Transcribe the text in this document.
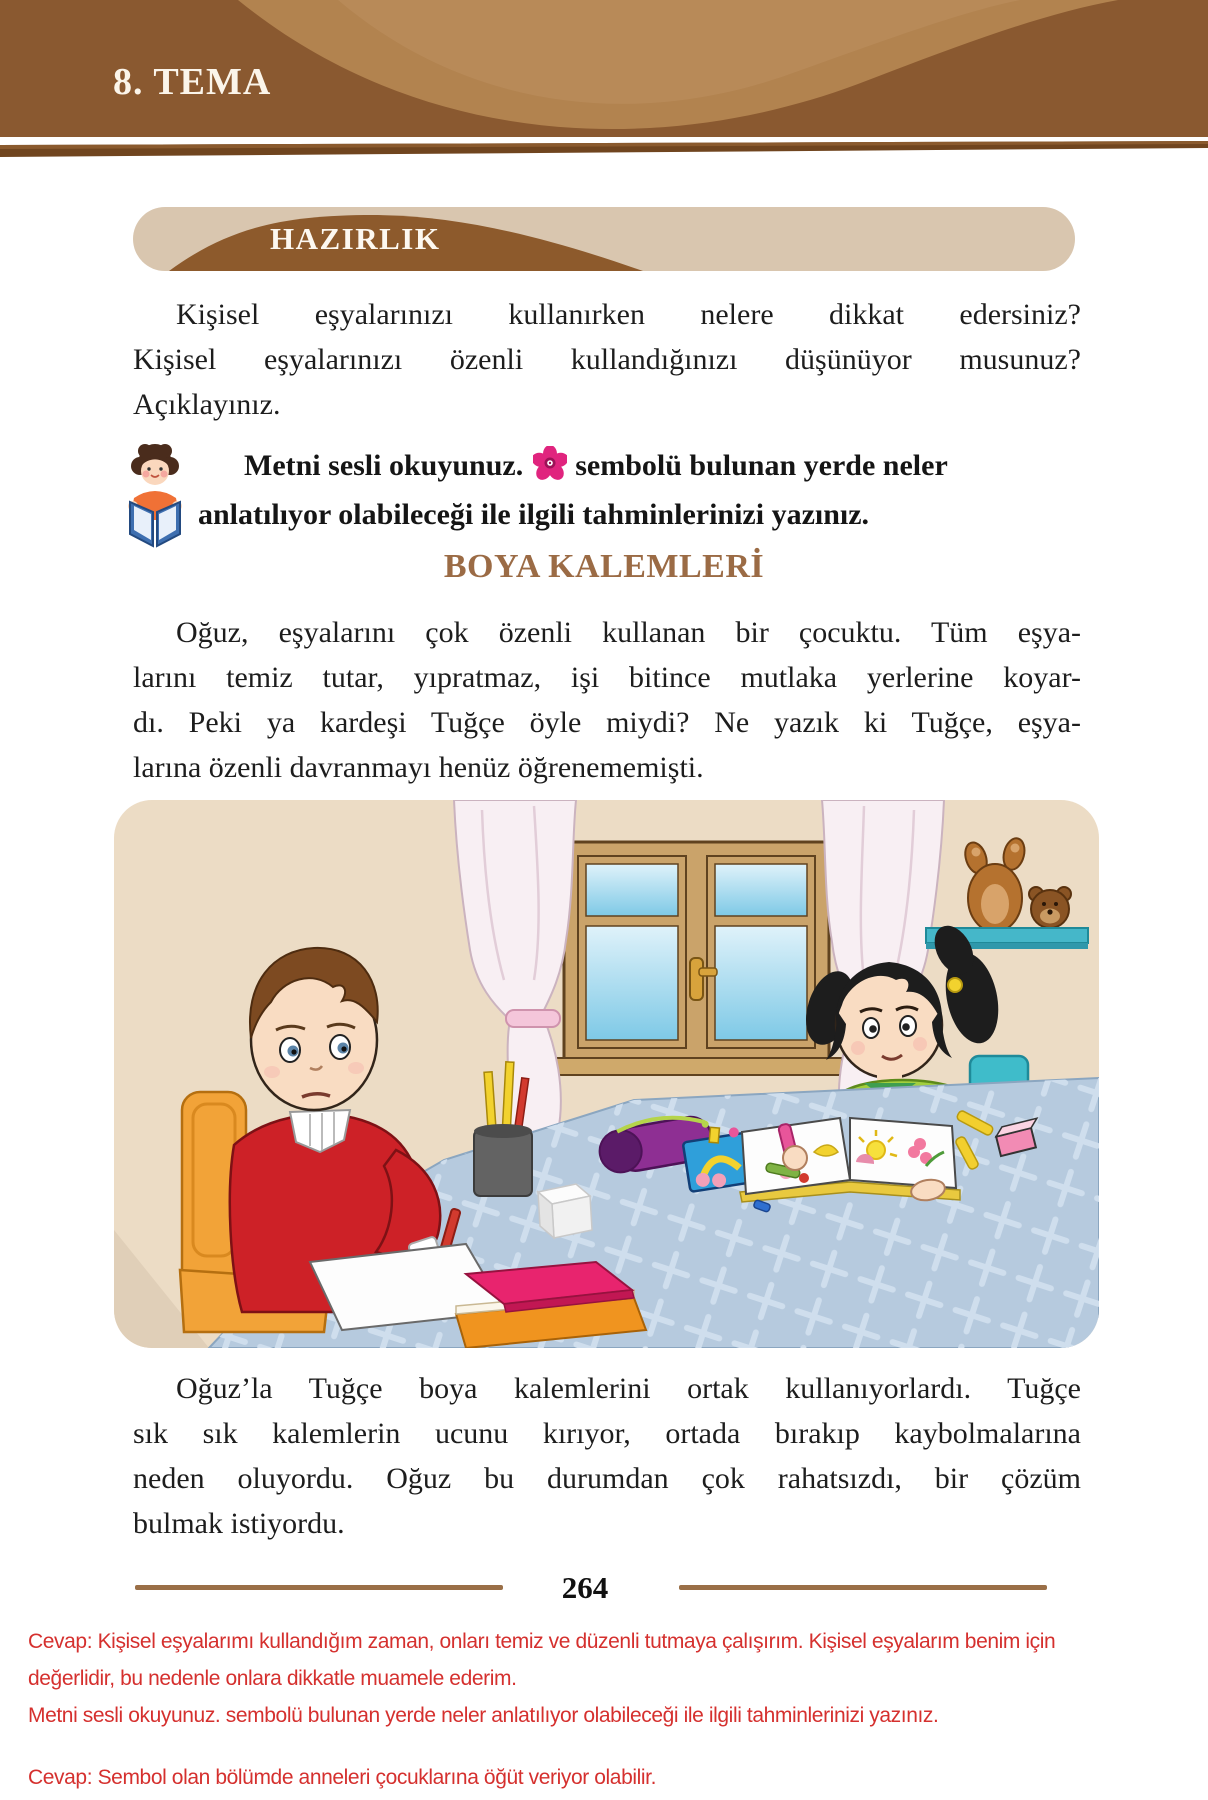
8. TEMA
HAZIRLIK
Kişisel eşyalarınızı kullanırken nelere dikkat edersiniz?
Kişisel eşyalarınızı özenli kullandığınızı düşünüyor musunuz?
Açıklayınız.
Metni sesli okuyunuz. sembolü bulunan yerde neler
anlatılıyor olabileceği ile ilgili tahminlerinizi yazınız.
BOYA KALEMLERİ
Oğuz, eşyalarını çok özenli kullanan bir çocuktu. Tüm eşya-
larını temiz tutar, yıpratmaz, işi bitince mutlaka yerlerine koyar-
dı. Peki ya kardeşi Tuğçe öyle miydi? Ne yazık ki Tuğçe, eşya-
larına özenli davranmayı henüz öğrenememişti.
Oğuz’la Tuğçe boya kalemlerini ortak kullanıyorlardı. Tuğçe
sık sık kalemlerin ucunu kırıyor, ortada bırakıp kaybolmalarına
neden oluyordu. Oğuz bu durumdan çok rahatsızdı, bir çözüm
bulmak istiyordu.
264
Cevap: Kişisel eşyalarımı kullandığım zaman, onları temiz ve düzenli tutmaya çalışırım. Kişisel eşyalarım benim için
değerlidir, bu nedenle onlara dikkatle muamele ederim.
Metni sesli okuyunuz. sembolü bulunan yerde neler anlatılıyor olabileceği ile ilgili tahminlerinizi yazınız.
Cevap: Sembol olan bölümde anneleri çocuklarına öğüt veriyor olabilir.
